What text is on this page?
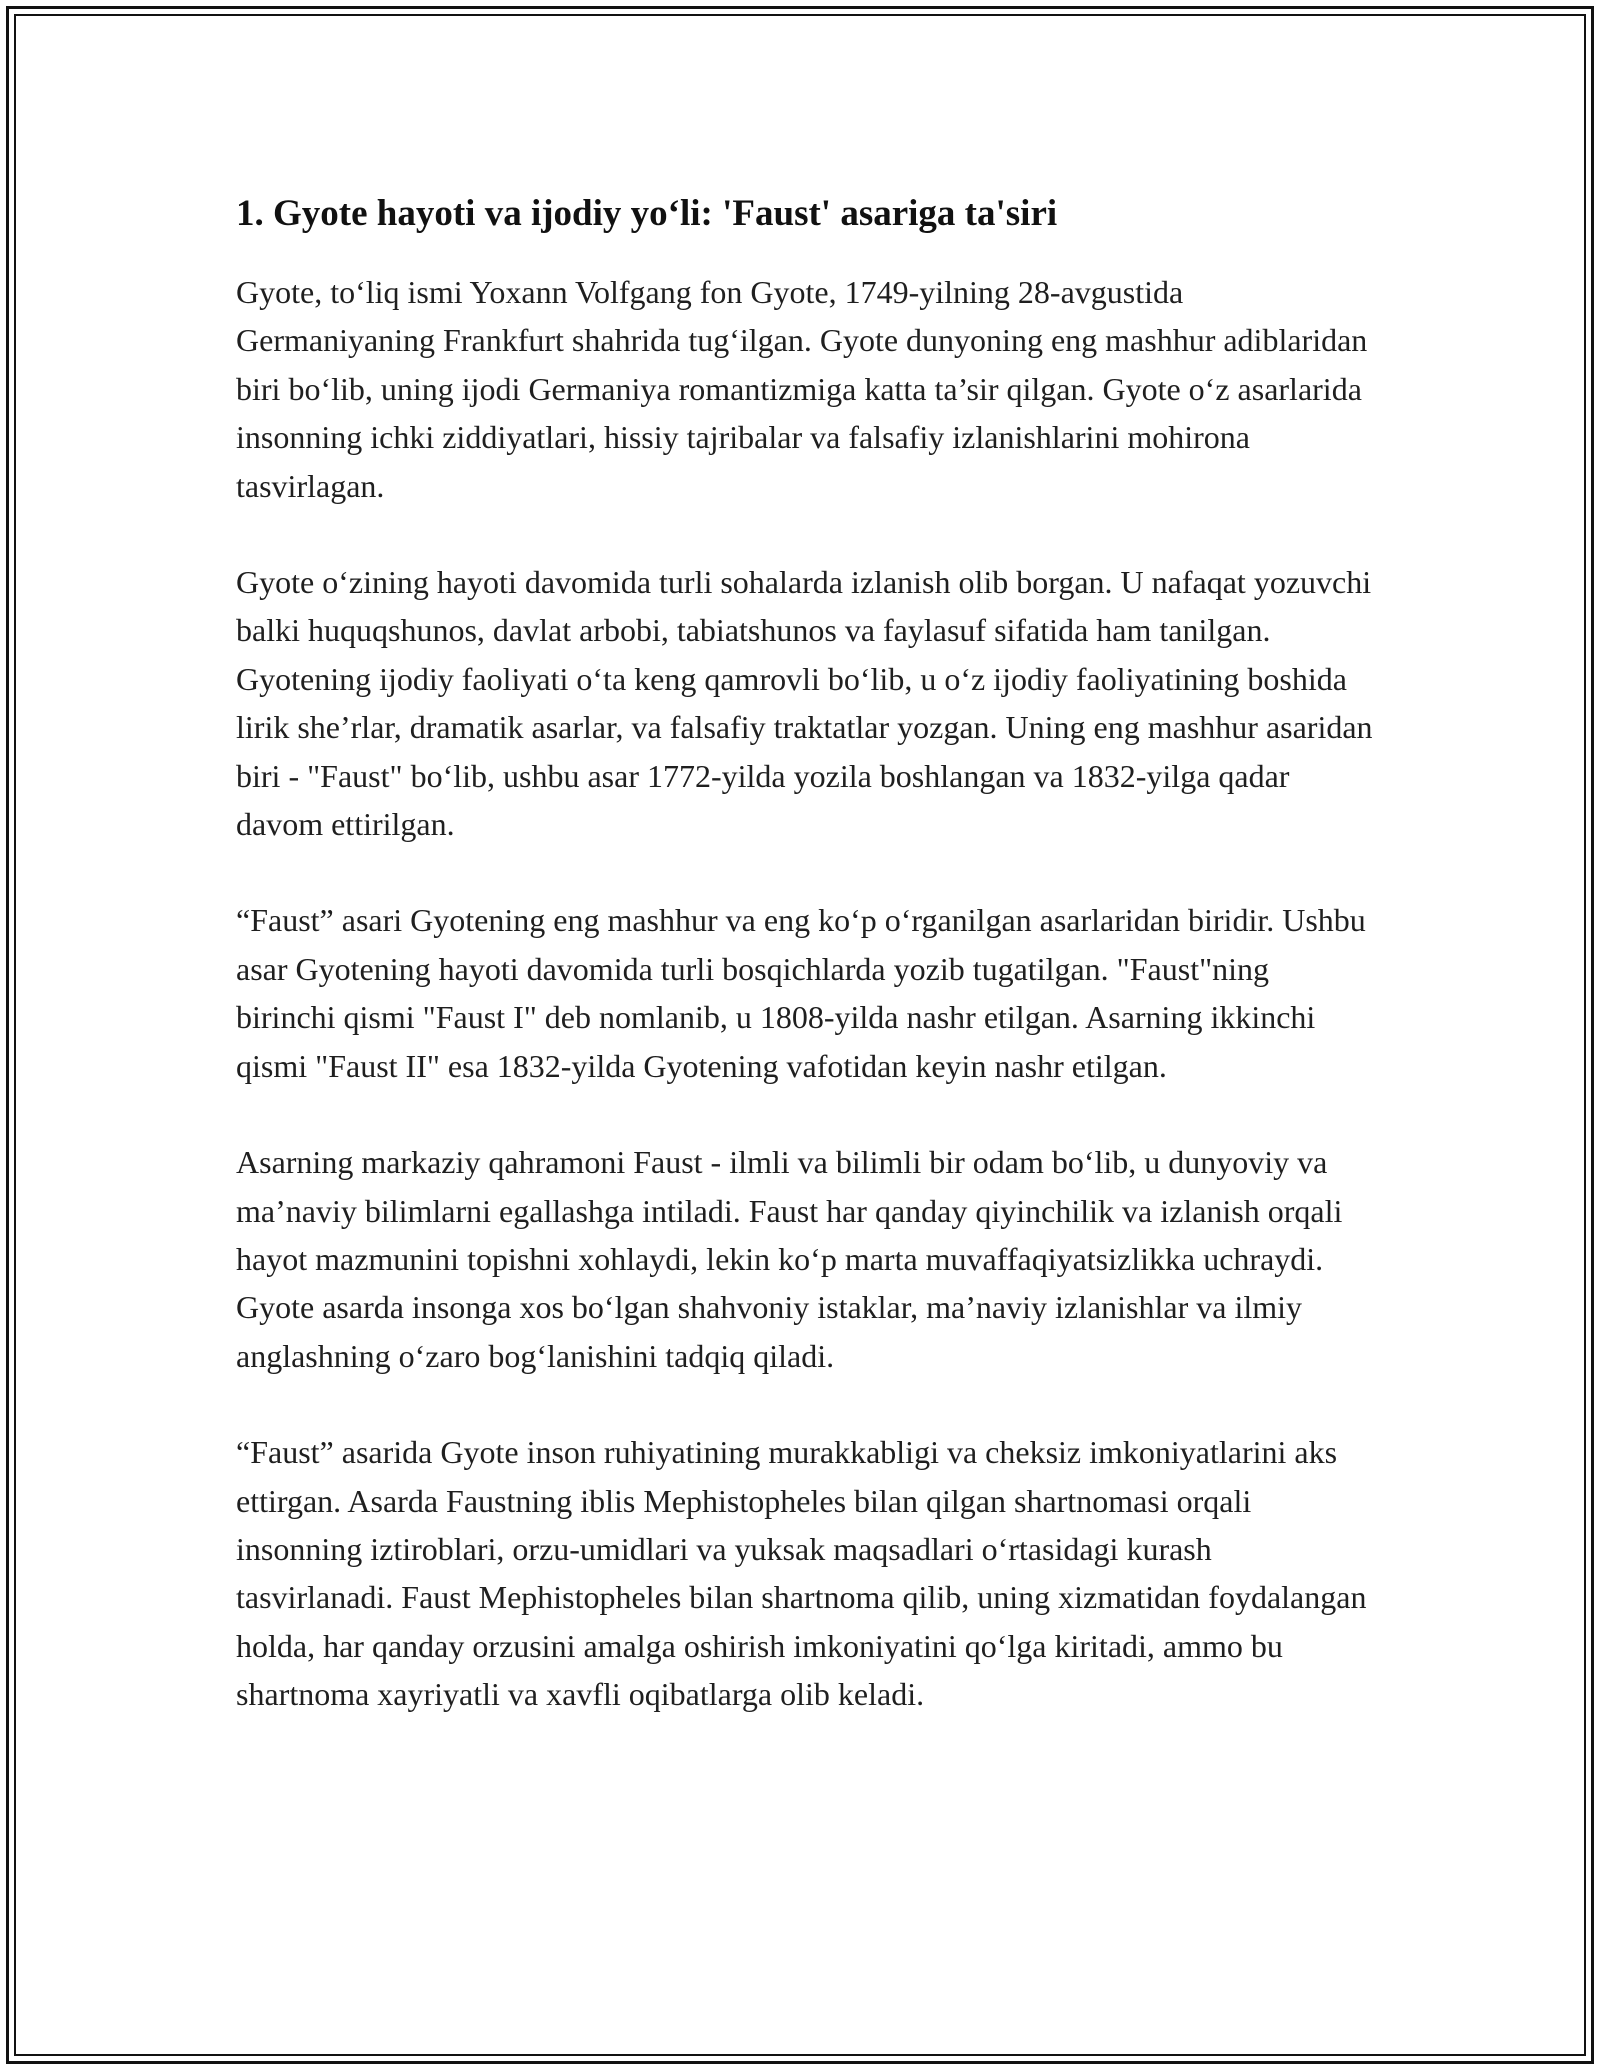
1. Gyote hayoti va ijodiy yo‘li: 'Faust' asariga ta'siri

Gyote, to‘liq ismi Yoxann Volfgang fon Gyote, 1749-yilning 28-avgustida Germaniyaning Frankfurt shahrida tug‘ilgan. Gyote dunyoning eng mashhur adiblaridan biri bo‘lib, uning ijodi Germaniya romantizmiga katta ta’sir qilgan. Gyote o‘z asarlarida insonning ichki ziddiyatlari, hissiy tajribalar va falsafiy izlanishlarini mohirona tasvirlagan.

Gyote o‘zining hayoti davomida turli sohalarda izlanish olib borgan. U nafaqat yozuvchi balki huquqshunos, davlat arbobi, tabiatshunos va faylasuf sifatida ham tanilgan. Gyotening ijodiy faoliyati o‘ta keng qamrovli bo‘lib, u o‘z ijodiy faoliyatining boshida lirik she’rlar, dramatik asarlar, va falsafiy traktatlar yozgan. Uning eng mashhur asaridan biri - "Faust" bo‘lib, ushbu asar 1772-yilda yozila boshlangan va 1832-yilga qadar davom ettirilgan.

“Faust” asari Gyotening eng mashhur va eng ko‘p o‘rganilgan asarlaridan biridir. Ushbu asar Gyotening hayoti davomida turli bosqichlarda yozib tugatilgan. "Faust"ning birinchi qismi "Faust I" deb nomlanib, u 1808-yilda nashr etilgan. Asarning ikkinchi qismi "Faust II" esa 1832-yilda Gyotening vafotidan keyin nashr etilgan.

Asarning markaziy qahramoni Faust - ilmli va bilimli bir odam bo‘lib, u dunyoviy va ma’naviy bilimlarni egallashga intiladi. Faust har qanday qiyinchilik va izlanish orqali hayot mazmunini topishni xohlaydi, lekin ko‘p marta muvaffaqiyatsizlikka uchraydi. Gyote asarda insonga xos bo‘lgan shahvoniy istaklar, ma’naviy izlanishlar va ilmiy anglashning o‘zaro bog‘lanishini tadqiq qiladi.

“Faust” asarida Gyote inson ruhiyatining murakkabligi va cheksiz imkoniyatlarini aks ettirgan. Asarda Faustning iblis Mephistopheles bilan qilgan shartnomasi orqali insonning iztiroblari, orzu-umidlari va yuksak maqsadlari o‘rtasidagi kurash tasvirlanadi. Faust Mephistopheles bilan shartnoma qilib, uning xizmatidan foydalangan holda, har qanday orzusini amalga oshirish imkoniyatini qo‘lga kiritadi, ammo bu shartnoma xayriyatli va xavfli oqibatlarga olib keladi.
